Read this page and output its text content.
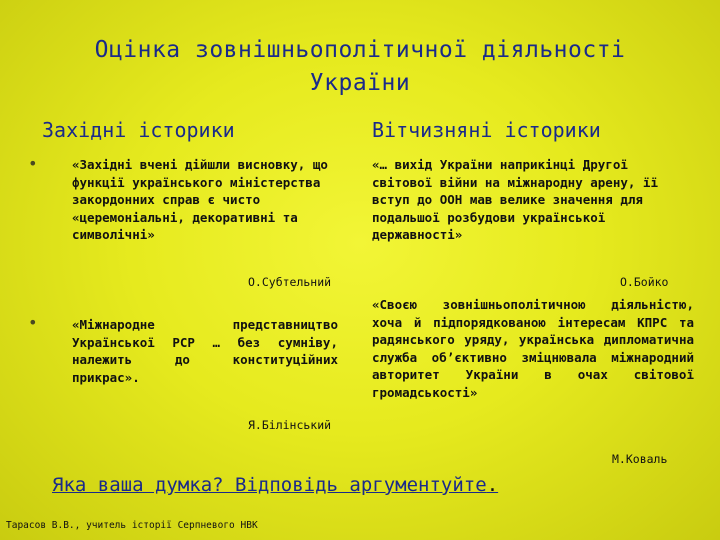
Оцінка зовнішньополітичної діяльності
України
Західні історики	Вітчизняні історики
•	«Західні вчені дійшли висновку, що функції українського міністерства закордонних справ є чисто «церемоніальні, декоративні та символічні»
О.Субтельний
•	«Міжнародне представництво Української РСР … без сумніву, належить до конституційних прикрас».
Я.Білінський
«… вихід України наприкінці Другої світової війни на міжнародну арену, її вступ до ООН мав велике значення для подальшої розбудови української державності»
О.Бойко
«Своєю зовнішньополітичною діяльністю, хоча й підпорядкованою інтересам КПРС та радянського уряду, українська дипломатична служба об’єктивно зміцнювала міжнародний авторитет України в очах світової громадськості»
М.Коваль
Яка ваша думка? Відповідь аргументуйте.
Тарасов В.В., учитель історії Серпневого НВК
